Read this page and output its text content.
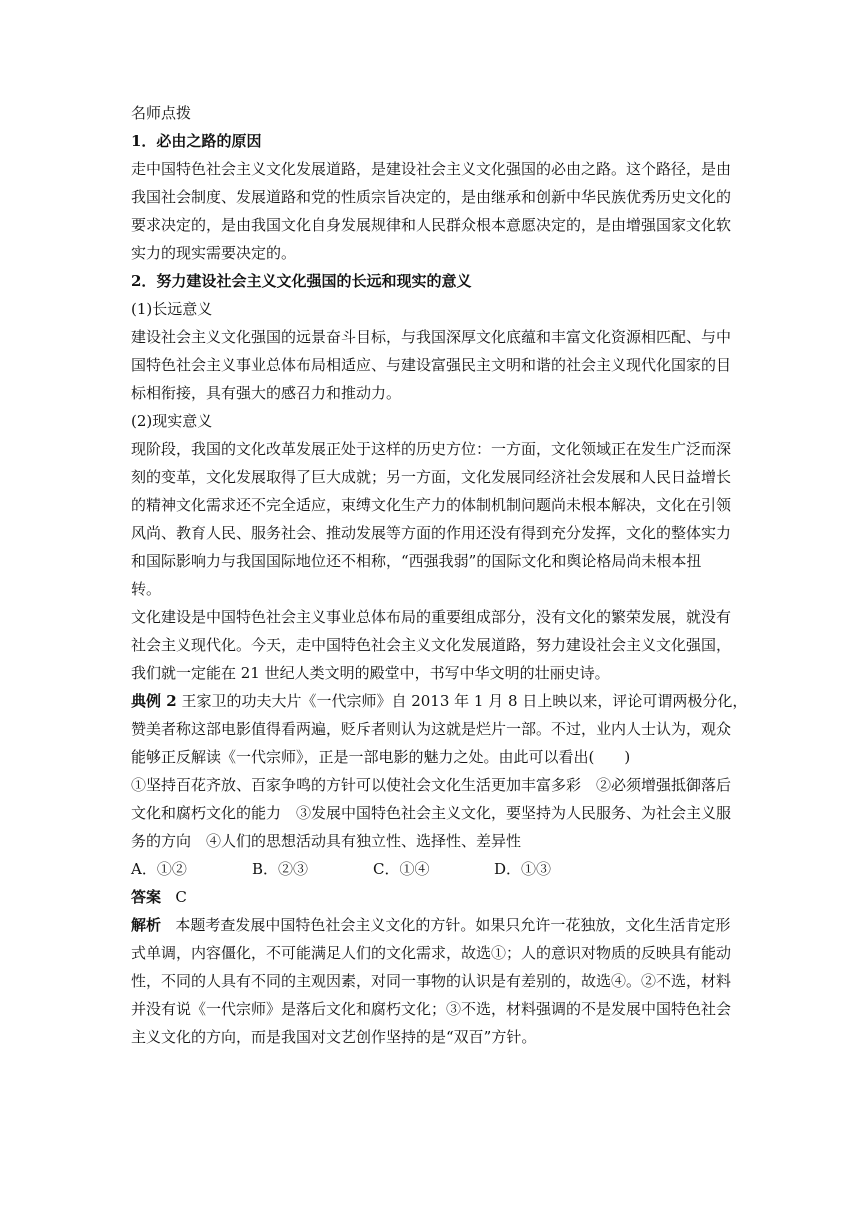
名师点拨

1．必由之路的原因

走中国特色社会主义文化发展道路，是建设社会主义文化强国的必由之路。这个路径，是由

我国社会制度、发展道路和党的性质宗旨决定的，是由继承和创新中华民族优秀历史文化的

要求决定的，是由我国文化自身发展规律和人民群众根本意愿决定的，是由增强国家文化软

实力的现实需要决定的。

2．努力建设社会主义文化强国的长远和现实的意义

(1)长远意义

建设社会主义文化强国的远景奋斗目标，与我国深厚文化底蕴和丰富文化资源相匹配、与中

国特色社会主义事业总体布局相适应、与建设富强民主文明和谐的社会主义现代化国家的目

标相衔接，具有强大的感召力和推动力。

(2)现实意义

现阶段，我国的文化改革发展正处于这样的历史方位：一方面，文化领域正在发生广泛而深

刻的变革，文化发展取得了巨大成就；另一方面，文化发展同经济社会发展和人民日益增长

的精神文化需求还不完全适应，束缚文化生产力的体制机制问题尚未根本解决，文化在引领

风尚、教育人民、服务社会、推动发展等方面的作用还没有得到充分发挥，文化的整体实力

和国际影响力与我国国际地位还不相称，“西强我弱”的国际文化和舆论格局尚未根本扭

转。

文化建设是中国特色社会主义事业总体布局的重要组成部分，没有文化的繁荣发展，就没有

社会主义现代化。今天，走中国特色社会主义文化发展道路，努力建设社会主义文化强国，

我们就一定能在 21 世纪人类文明的殿堂中，书写中华文明的壮丽史诗。

典例 2 王家卫的功夫大片《一代宗师》自 2013 年 1 月 8 日上映以来，评论可谓两极分化，

赞美者称这部电影值得看两遍，贬斥者则认为这就是烂片一部。不过，业内人士认为，观众

能够正反解读《一代宗师》，正是一部电影的魅力之处。由此可以看出(　　)

①坚持百花齐放、百家争鸣的方针可以使社会文化生活更加丰富多彩　②必须增强抵御落后

文化和腐朽文化的能力　③发展中国特色社会主义文化，要坚持为人民服务、为社会主义服

务的方向　④人们的思想活动具有独立性、选择性、差异性

A．①②	B．②③	C．①④	D．①③

答案 C

解析 本题考查发展中国特色社会主义文化的方针。如果只允许一花独放，文化生活肯定形

式单调，内容僵化，不可能满足人们的文化需求，故选①；人的意识对物质的反映具有能动

性，不同的人具有不同的主观因素，对同一事物的认识是有差别的，故选④。②不选，材料

并没有说《一代宗师》是落后文化和腐朽文化；③不选，材料强调的不是发展中国特色社会

主义文化的方向，而是我国对文艺创作坚持的是“双百”方针。
